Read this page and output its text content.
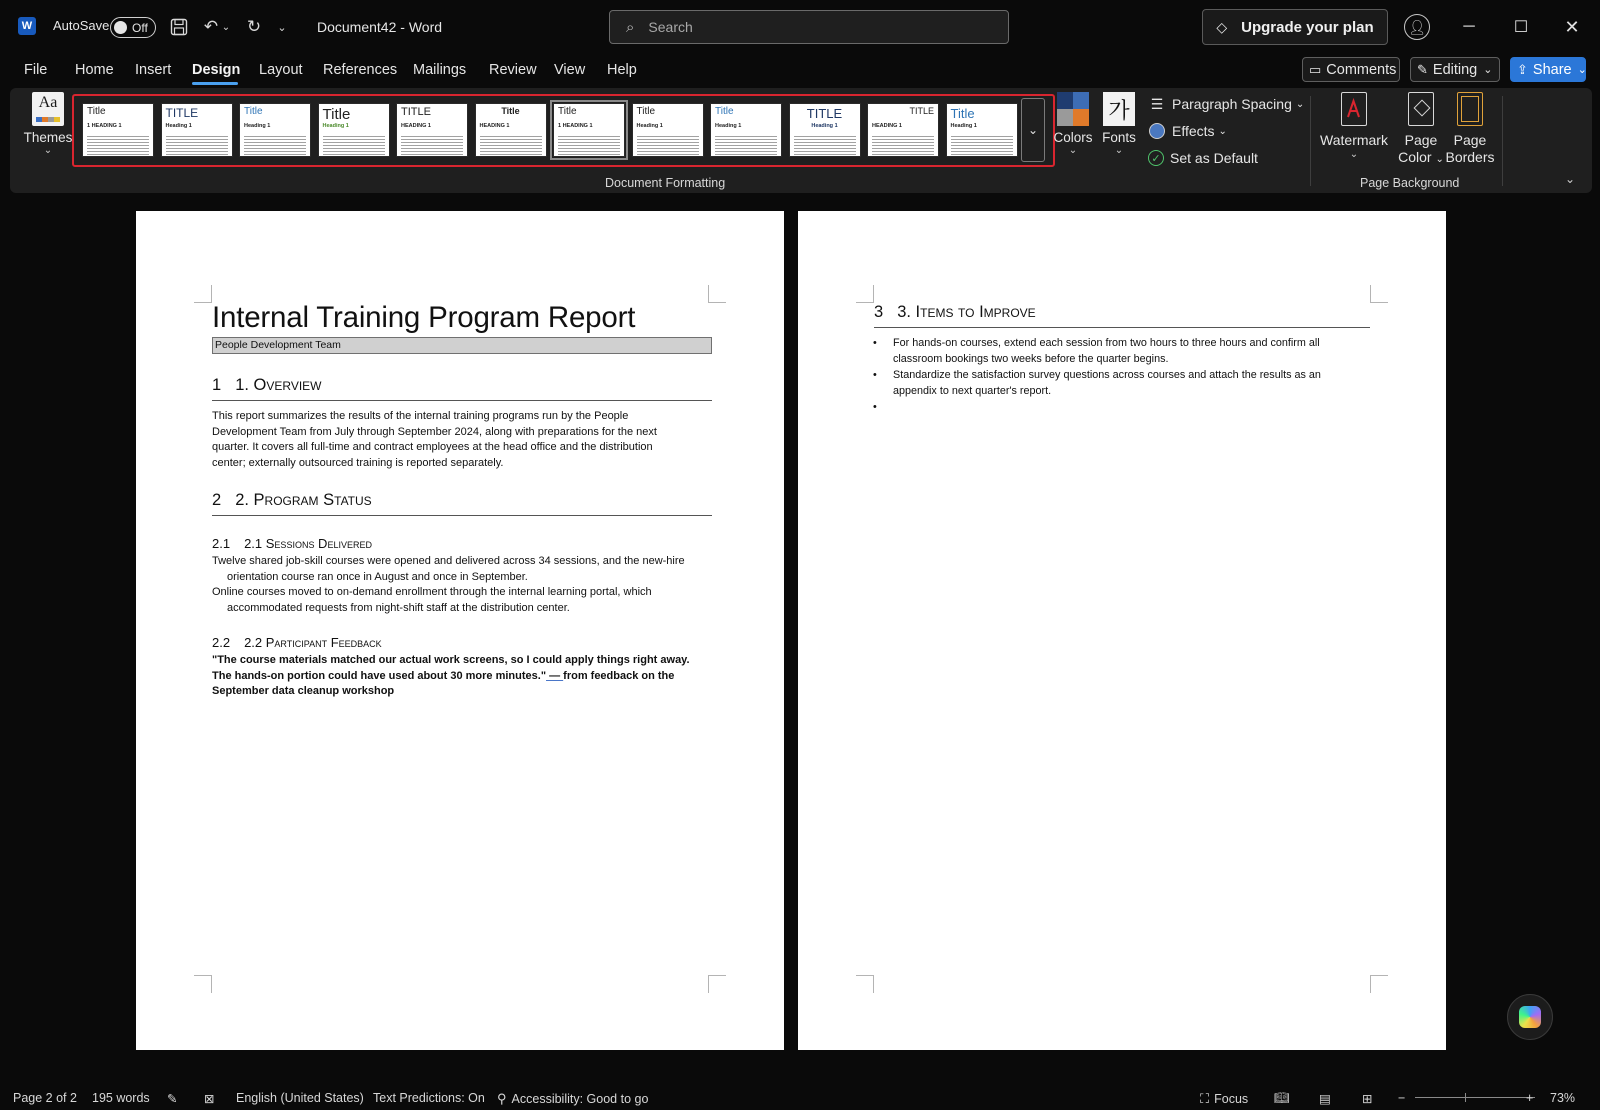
W AutoSave Off	↶ ⌄ ↻	⌄ Document42 - Word	⌕ Search	◇ Upgrade your plan 👤︎	─	☐	✕
File Home Insert Design Layout References Mailings Review View Help	▭ Comments ✎ Editing ⌄ ⇪ Share ⌄
Aa
Themes
⌄
Title
1 HEADING 1
TITLE
Heading 1
Title
Heading 1
Title
Heading 1
TITLE
HEADING 1
Title
HEADING 1
Title
1 HEADING 1
Title
Heading 1
Title
Heading 1
TITLE
Heading 1
TITLE
HEADING 1
Title
Heading 1	⌄	Colors
⌄
가
Fonts
⌄
☰ Paragraph Spacing ⌄
Effects ⌄
✓ Set as Default
Document Formatting
Watermark
⌄
Page
Color ⌄
Page
Borders
Page Background	⌄
Internal Training Program Report
People Development Team
1 1. Overview
This report summarizes the results of the internal training programs run by the People Development Team from July through September 2024, along with preparations for the next quarter. It covers all full-time and contract employees at the head office and the distribution center; externally outsourced training is reported separately.
2 2. Program Status
2.1 2.1 Sessions Delivered
Twelve shared job-skill courses were opened and delivered across 34 sessions, and the new-hire orientation course ran once in August and once in September.
Online courses moved to on-demand enrollment through the internal learning portal, which accommodated requests from night-shift staff at the distribution center.
2.2 2.2 Participant Feedback
"The course materials matched our actual work screens, so I could apply things right away. The hands-on portion could have used about 30 more minutes." — from feedback on the September data cleanup workshop
3 3. Items to Improve
• For hands-on courses, extend each session from two hours to three hours and confirm all classroom bookings two weeks before the quarter begins.
• Standardize the satisfaction survey questions across courses and attach the results as an appendix to next quarter's report.
•
Page 2 of 2 195 words ✎ ⊠ English (United States) Text Predictions: On ⚲ Accessibility: Good to go	⛶ Focus 📖︎ ▤ ⊞ −	+ 73%
